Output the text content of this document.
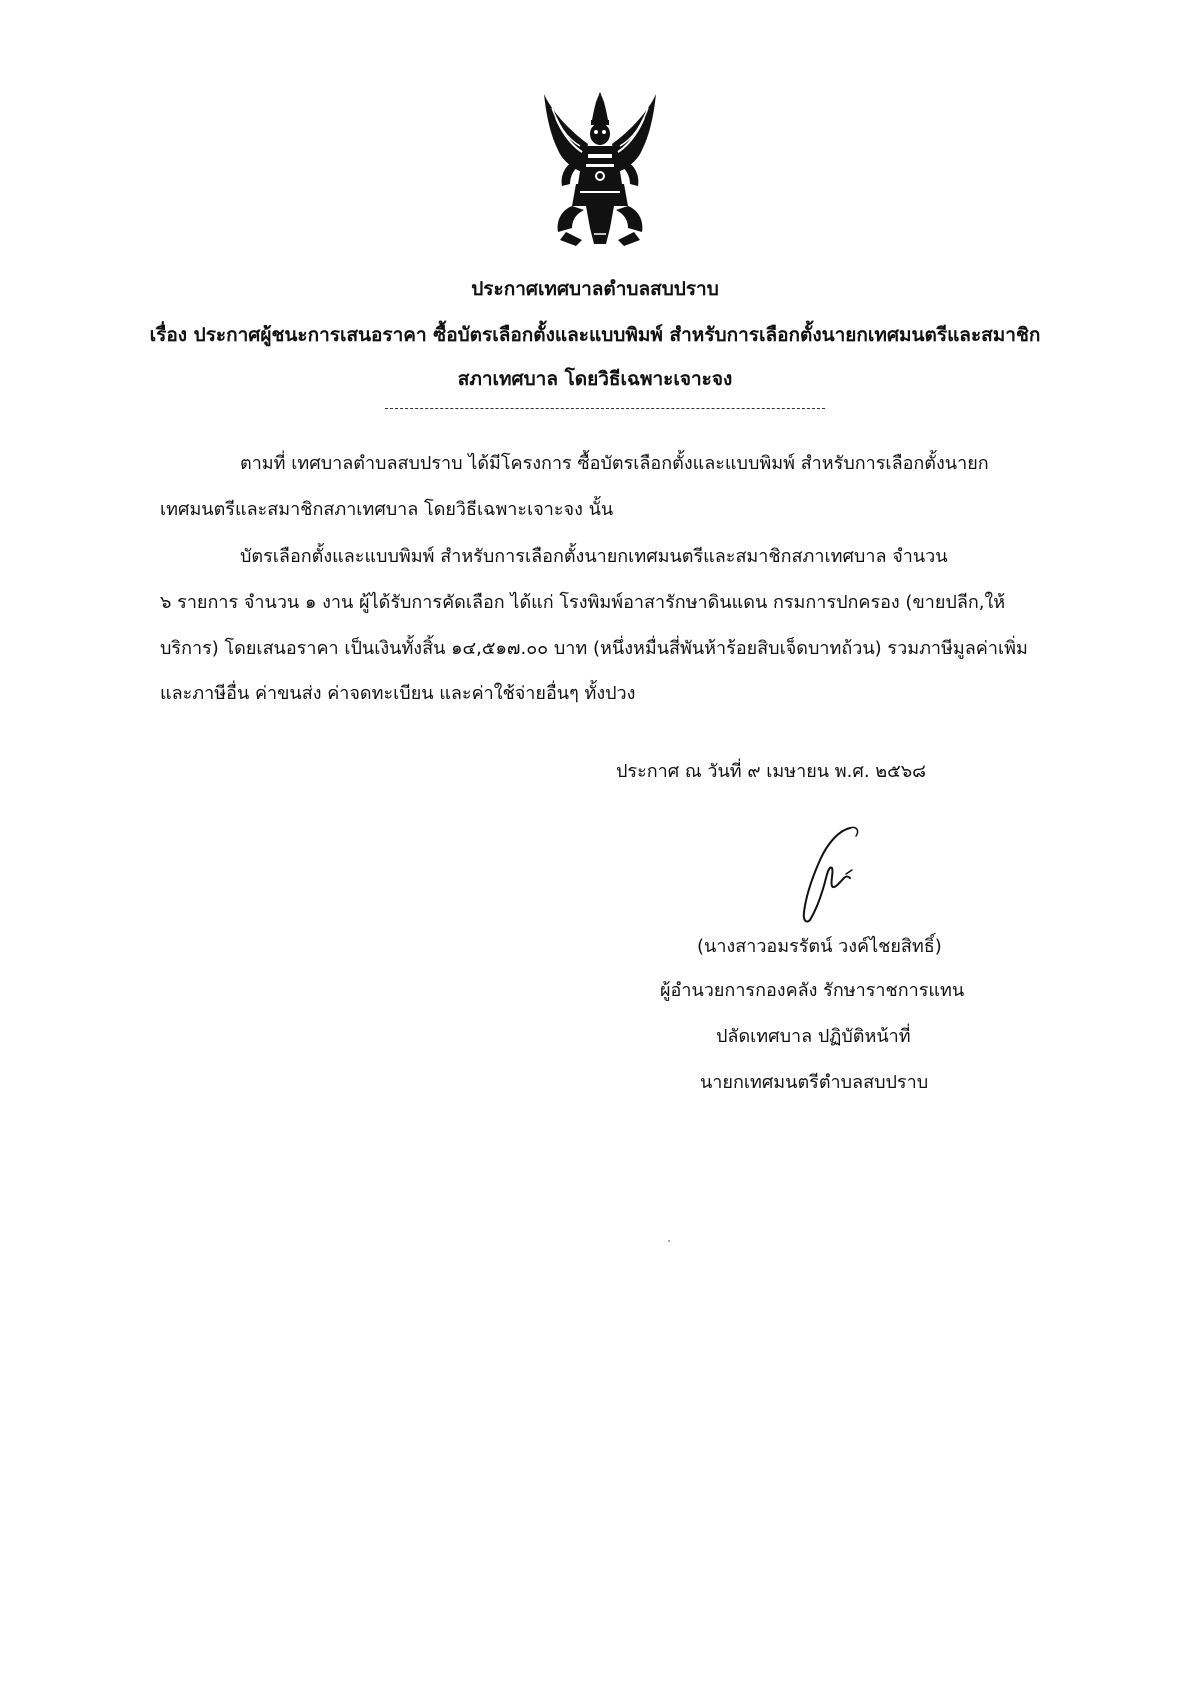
ประกาศเทศบาลตำบลสบปราบ
เรื่อง ประกาศผู้ชนะการเสนอราคา ซื้อบัตรเลือกตั้งและแบบพิมพ์ สำหรับการเลือกตั้งนายกเทศมนตรีและสมาชิก
สภาเทศบาล โดยวิธีเฉพาะเจาะจง
ตามที่ เทศบาลตำบลสบปราบ ได้มีโครงการ ซื้อบัตรเลือกตั้งและแบบพิมพ์ สำหรับการเลือกตั้งนายก
เทศมนตรีและสมาชิกสภาเทศบาล โดยวิธีเฉพาะเจาะจง นั้น
บัตรเลือกตั้งและแบบพิมพ์ สำหรับการเลือกตั้งนายกเทศมนตรีและสมาชิกสภาเทศบาล จำนวน
๖ รายการ จำนวน ๑ งาน ผู้ได้รับการคัดเลือก ได้แก่ โรงพิมพ์อาสารักษาดินแดน กรมการปกครอง (ขายปลีก,ให้
บริการ) โดยเสนอราคา เป็นเงินทั้งสิ้น ๑๔,๕๑๗.๐๐ บาท (หนึ่งหมื่นสี่พันห้าร้อยสิบเจ็ดบาทถ้วน) รวมภาษีมูลค่าเพิ่ม
และภาษีอื่น ค่าขนส่ง ค่าจดทะเบียน และค่าใช้จ่ายอื่นๆ ทั้งปวง
ประกาศ ณ วันที่ ๙ เมษายน พ.ศ. ๒๕๖๘
(นางสาวอมรรัตน์ วงค์ไชยสิทธิ์)
ผู้อำนวยการกองคลัง รักษาราชการแทน
ปลัดเทศบาล ปฏิบัติหน้าที่
นายกเทศมนตรีตำบลสบปราบ
